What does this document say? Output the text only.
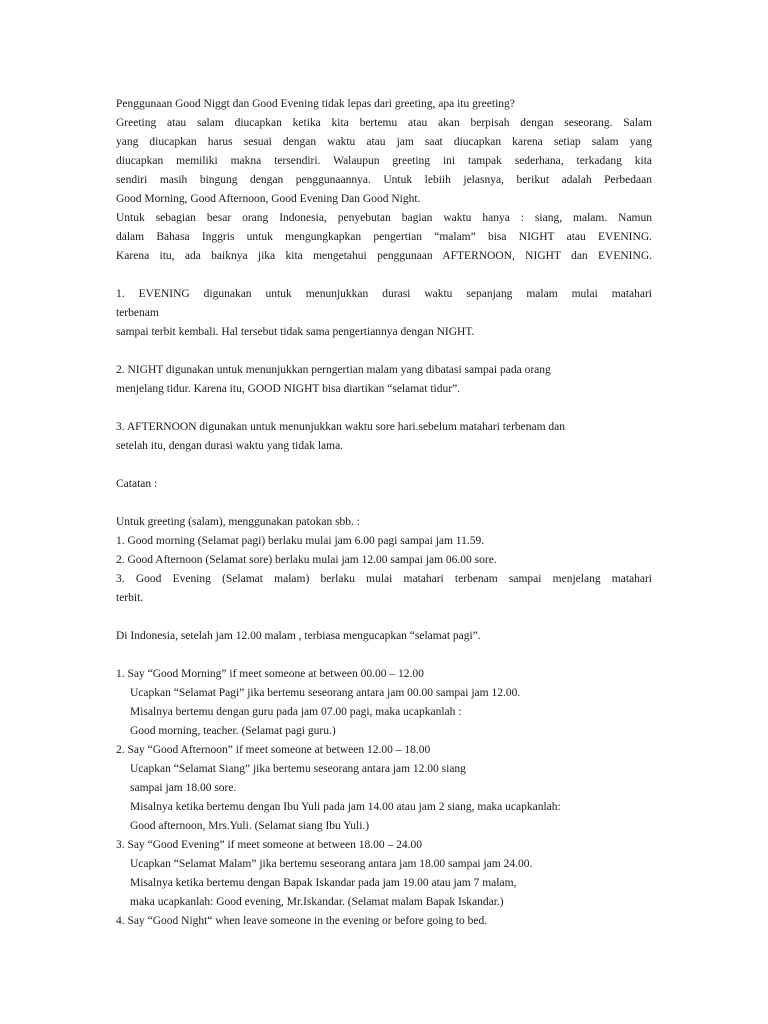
Penggunaan Good Niggt dan Good Evening tidak lepas dari greeting, apa itu greeting?

Greeting atau salam diucapkan ketika kita bertemu atau akan berpisah dengan seseorang. Salam

yang diucapkan harus sesuai dengan waktu atau jam saat diucapkan karena setiap salam yang

diucapkan memiliki makna tersendiri. Walaupun greeting ini tampak sederhana, terkadang kita

sendiri masih bingung dengan penggunaannya. Untuk lebiih jelasnya, berikut adalah Perbedaan

Good Morning, Good Afternoon, Good Evening Dan Good Night.

Untuk sebagian besar orang Indonesia, penyebutan bagian waktu hanya : siang, malam. Namun

dalam Bahasa Inggris untuk mengungkapkan pengertian “malam” bisa NIGHT atau EVENING.

Karena itu, ada baiknya jika kita mengetahui penggunaan AFTERNOON, NIGHT dan EVENING.

1. EVENING digunakan untuk menunjukkan durasi waktu sepanjang malam mulai matahari

terbenam

sampai terbit kembali. Hal tersebut tidak sama pengertiannya dengan NIGHT.

2. NIGHT digunakan untuk menunjukkan perngertian malam yang dibatasi sampai pada orang

menjelang tidur. Karena itu, GOOD NIGHT bisa diartikan “selamat tidur”.

3. AFTERNOON digunakan untuk menunjukkan waktu sore hari.sebelum matahari terbenam dan

setelah itu, dengan durasi waktu yang tidak lama.

Catatan :

Untuk greeting (salam), menggunakan patokan sbb. :

1. Good morning (Selamat pagi) berlaku mulai jam 6.00 pagi sampai jam 11.59.

2. Good Afternoon (Selamat sore) berlaku mulai jam 12.00 sampai jam 06.00 sore.

3. Good Evening (Selamat malam) berlaku mulai matahari terbenam sampai menjelang matahari

terbit.

Di Indonesia, setelah jam 12.00 malam , terbiasa mengucapkan “selamat pagi”.

1. Say “Good Morning” if meet someone at between 00.00 – 12.00

Ucapkan “Selamat Pagi” jika bertemu seseorang antara jam 00.00 sampai jam 12.00.

Misalnya bertemu dengan guru pada jam 07.00 pagi, maka ucapkanlah :

Good morning, teacher. (Selamat pagi guru.)

2. Say “Good Afternoon” if meet someone at between 12.00 – 18.00

Ucapkan “Selamat Siang” jika bertemu seseorang antara jam 12.00 siang

sampai jam 18.00 sore.

Misalnya ketika bertemu dengan Ibu Yuli pada jam 14.00 atau jam 2 siang, maka ucapkanlah:

Good afternoon, Mrs.Yuli. (Selamat siang Ibu Yuli.)

3. Say “Good Evening” if meet someone at between 18.00 – 24.00

Ucapkan “Selamat Malam” jika bertemu seseorang antara jam 18.00 sampai jam 24.00.

Misalnya ketika bertemu dengan Bapak Iskandar pada jam 19.00 atau jam 7 malam,

maka ucapkanlah: Good evening, Mr.Iskandar. (Selamat malam Bapak Iskandar.)

4. Say “Good Night“ when leave someone in the evening or before going to bed.
